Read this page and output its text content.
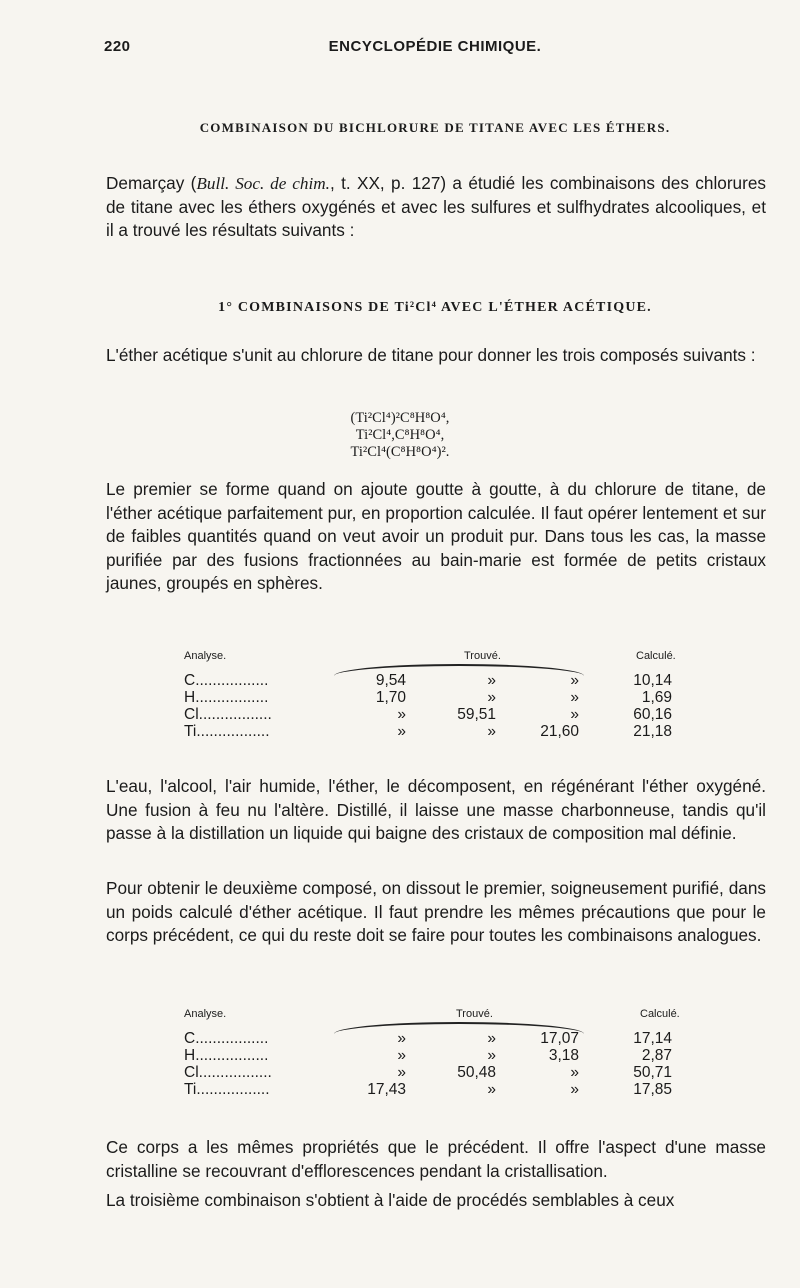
220	ENCYCLOPÉDIE CHIMIQUE.
COMBINAISON DU BICHLORURE DE TITANE AVEC LES ÉTHERS.
Demarçay (Bull. Soc. de chim., t. XX, p. 127) a étudié les combinaisons des chlorures de titane avec les éthers oxygénés et avec les sulfures et sulfhydrates alcooliques, et il a trouvé les résultats suivants :
1° COMBINAISONS DE Ti²Cl⁴ AVEC L'ÉTHER ACÉTIQUE.
L'éther acétique s'unit au chlorure de titane pour donner les trois composés suivants :
(Ti²Cl⁴)²C⁸H⁸O⁴,
Ti²Cl⁴,C⁸H⁸O⁴,
Ti²Cl⁴(C⁸H⁸O⁴)².
Le premier se forme quand on ajoute goutte à goutte, à du chlorure de titane, de l'éther acétique parfaitement pur, en proportion calculée. Il faut opérer lentement et sur de faibles quantités quand on veut avoir un produit pur. Dans tous les cas, la masse purifiée par des fusions fractionnées au bain-marie est formée de petits cristaux jaunes, groupés en sphères.
Analyse.	Trouvé.	Calculé.
C.................	9,54	»	»	10,14
H.................	1,70	»	»	1,69
Cl.................	»	59,51	»	60,16
Ti.................	»	»	21,60	21,18
L'eau, l'alcool, l'air humide, l'éther, le décomposent, en régénérant l'éther oxygéné. Une fusion à feu nu l'altère. Distillé, il laisse une masse charbonneuse, tandis qu'il passe à la distillation un liquide qui baigne des cristaux de composition mal définie.
Pour obtenir le deuxième composé, on dissout le premier, soigneusement purifié, dans un poids calculé d'éther acétique. Il faut prendre les mêmes précautions que pour le corps précédent, ce qui du reste doit se faire pour toutes les combinaisons analogues.
Analyse.	Trouvé.	Calculé.
C.................	»	»	17,07	17,14
H.................	»	»	3,18	2,87
Cl.................	»	50,48	»	50,71
Ti.................	17,43	»	»	17,85
Ce corps a les mêmes propriétés que le précédent. Il offre l'aspect d'une masse cristalline se recouvrant d'efflorescences pendant la cristallisation.
La troisième combinaison s'obtient à l'aide de procédés semblables à ceux
